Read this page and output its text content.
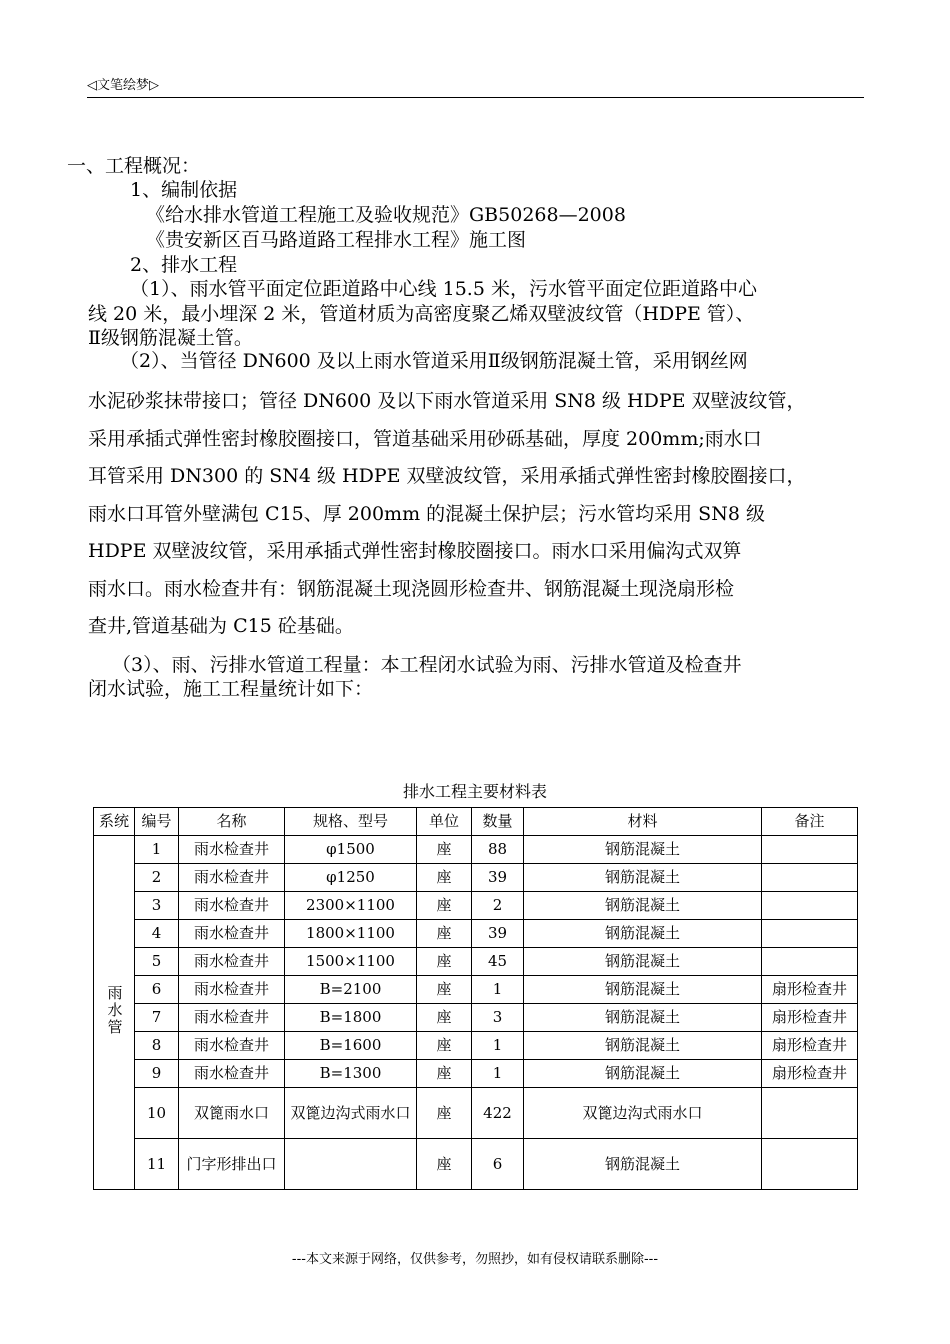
◁文笔绘梦▷
一、工程概况：
1、编制依据
《给水排水管道工程施工及验收规范》GB50268—2008
《贵安新区百马路道路工程排水工程》施工图
2、排水工程
（1）、雨水管平面定位距道路中心线 15.5 米，污水管平面定位距道路中心
线 20 米，最小埋深 2 米，管道材质为高密度聚乙烯双壁波纹管（HDPE 管）、
Ⅱ级钢筋混凝土管。
（2）、当管径 DN600 及以上雨水管道采用Ⅱ级钢筋混凝土管，采用钢丝网
水泥砂浆抹带接口；管径 DN600 及以下雨水管道采用 SN8 级 HDPE 双壁波纹管，
采用承插式弹性密封橡胶圈接口，管道基础采用砂砾基础，厚度 200mm;雨水口
耳管采用 DN300 的 SN4 级 HDPE 双壁波纹管，采用承插式弹性密封橡胶圈接口，
雨水口耳管外壁满包 C15、厚 200mm 的混凝土保护层；污水管均采用 SN8 级
HDPE 双壁波纹管，采用承插式弹性密封橡胶圈接口。雨水口采用偏沟式双箅
雨水口。雨水检查井有：钢筋混凝土现浇圆形检查井、钢筋混凝土现浇扇形检
查井,管道基础为 C15 砼基础。
（3）、雨、污排水管道工程量：本工程闭水试验为雨、污排水管道及检查井
闭水试验，施工工程量统计如下：
排水工程主要材料表
系统	编号	名称	规格、型号	单位	数量	材料	备注
雨水管	1	雨水检查井	φ1500	座	88	钢筋混凝土	
	2	雨水检查井	φ1250	座	39	钢筋混凝土	
	3	雨水检查井	2300×1100	座	2	钢筋混凝土	
	4	雨水检查井	1800×1100	座	39	钢筋混凝土	
	5	雨水检查井	1500×1100	座	45	钢筋混凝土	
	6	雨水检查井	B=2100	座	1	钢筋混凝土	扇形检查井
	7	雨水检查井	B=1800	座	3	钢筋混凝土	扇形检查井
	8	雨水检查井	B=1600	座	1	钢筋混凝土	扇形检查井
	9	雨水检查井	B=1300	座	1	钢筋混凝土	扇形检查井
	10	双篦雨水口	双篦边沟式雨水口	座	422	双篦边沟式雨水口	
	11	门字形排出口		座	6	钢筋混凝土	
---本文来源于网络，仅供参考，勿照抄，如有侵权请联系删除---
